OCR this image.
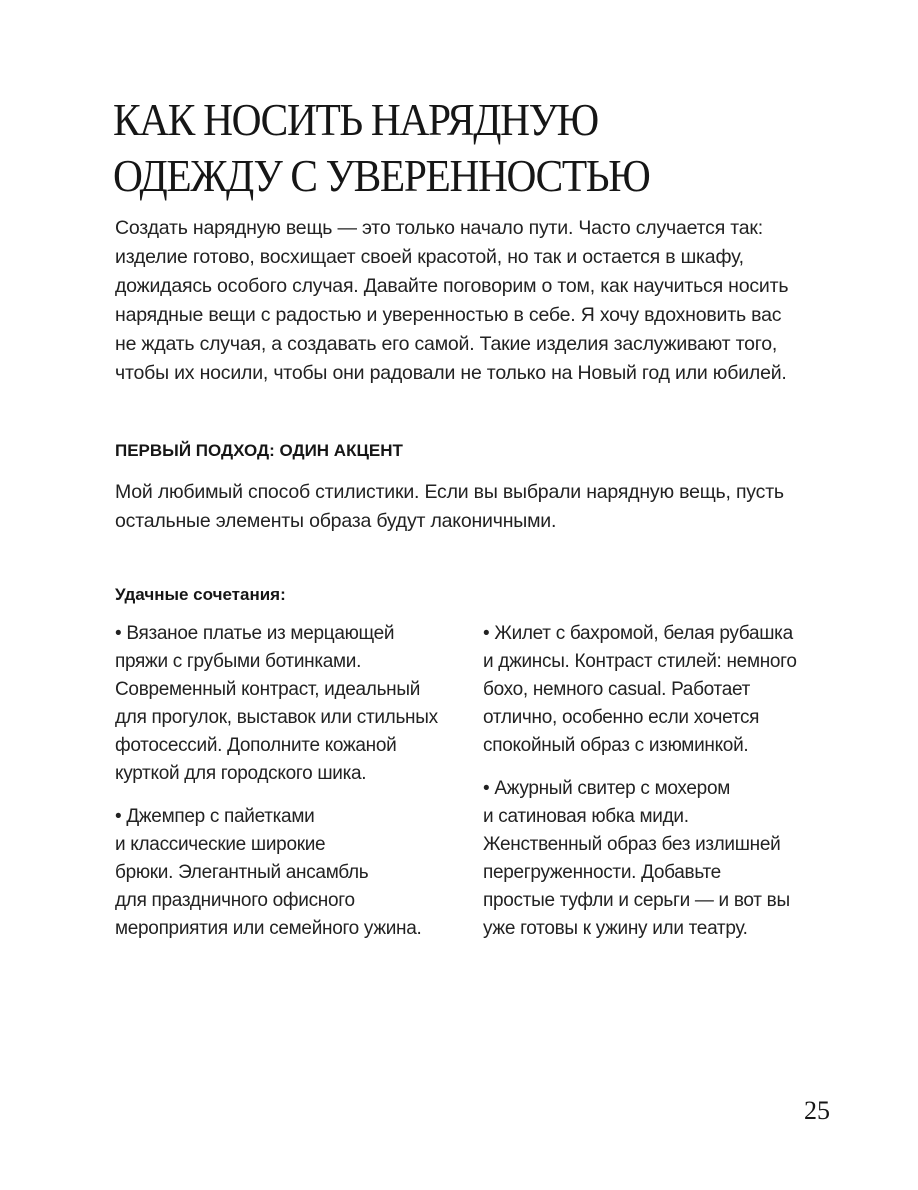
КАК НОСИТЬ НАРЯДНУЮ
ОДЕЖДУ С УВЕРЕННОСТЬЮ

Создать нарядную вещь — это только начало пути. Часто случается так:
изделие готово, восхищает своей красотой, но так и остается в шкафу,
дожидаясь особого случая. Давайте поговорим о том, как научиться носить
нарядные вещи с радостью и уверенностью в себе. Я хочу вдохновить вас
не ждать случая, а создавать его самой. Такие изделия заслуживают того,
чтобы их носили, чтобы они радовали не только на Новый год или юбилей.

ПЕРВЫЙ ПОДХОД: ОДИН АКЦЕНТ

Мой любимый способ стилистики. Если вы выбрали нарядную вещь, пусть
остальные элементы образа будут лаконичными.

Удачные сочетания:

• Вязаное платье из мерцающей
пряжи с грубыми ботинками.
Современный контраст, идеальный
для прогулок, выставок или стильных
фотосессий. Дополните кожаной
курткой для городского шика.

• Джемпер с пайетками
и классические широкие
брюки. Элегантный ансамбль
для праздничного офисного
мероприятия или семейного ужина.

• Жилет с бахромой, белая рубашка
и джинсы. Контраст стилей: немного
бохо, немного casual. Работает
отлично, особенно если хочется
спокойный образ с изюминкой.

• Ажурный свитер с мохером
и сатиновая юбка миди.
Женственный образ без излишней
перегруженности. Добавьте
простые туфли и серьги — и вот вы
уже готовы к ужину или театру.

25
